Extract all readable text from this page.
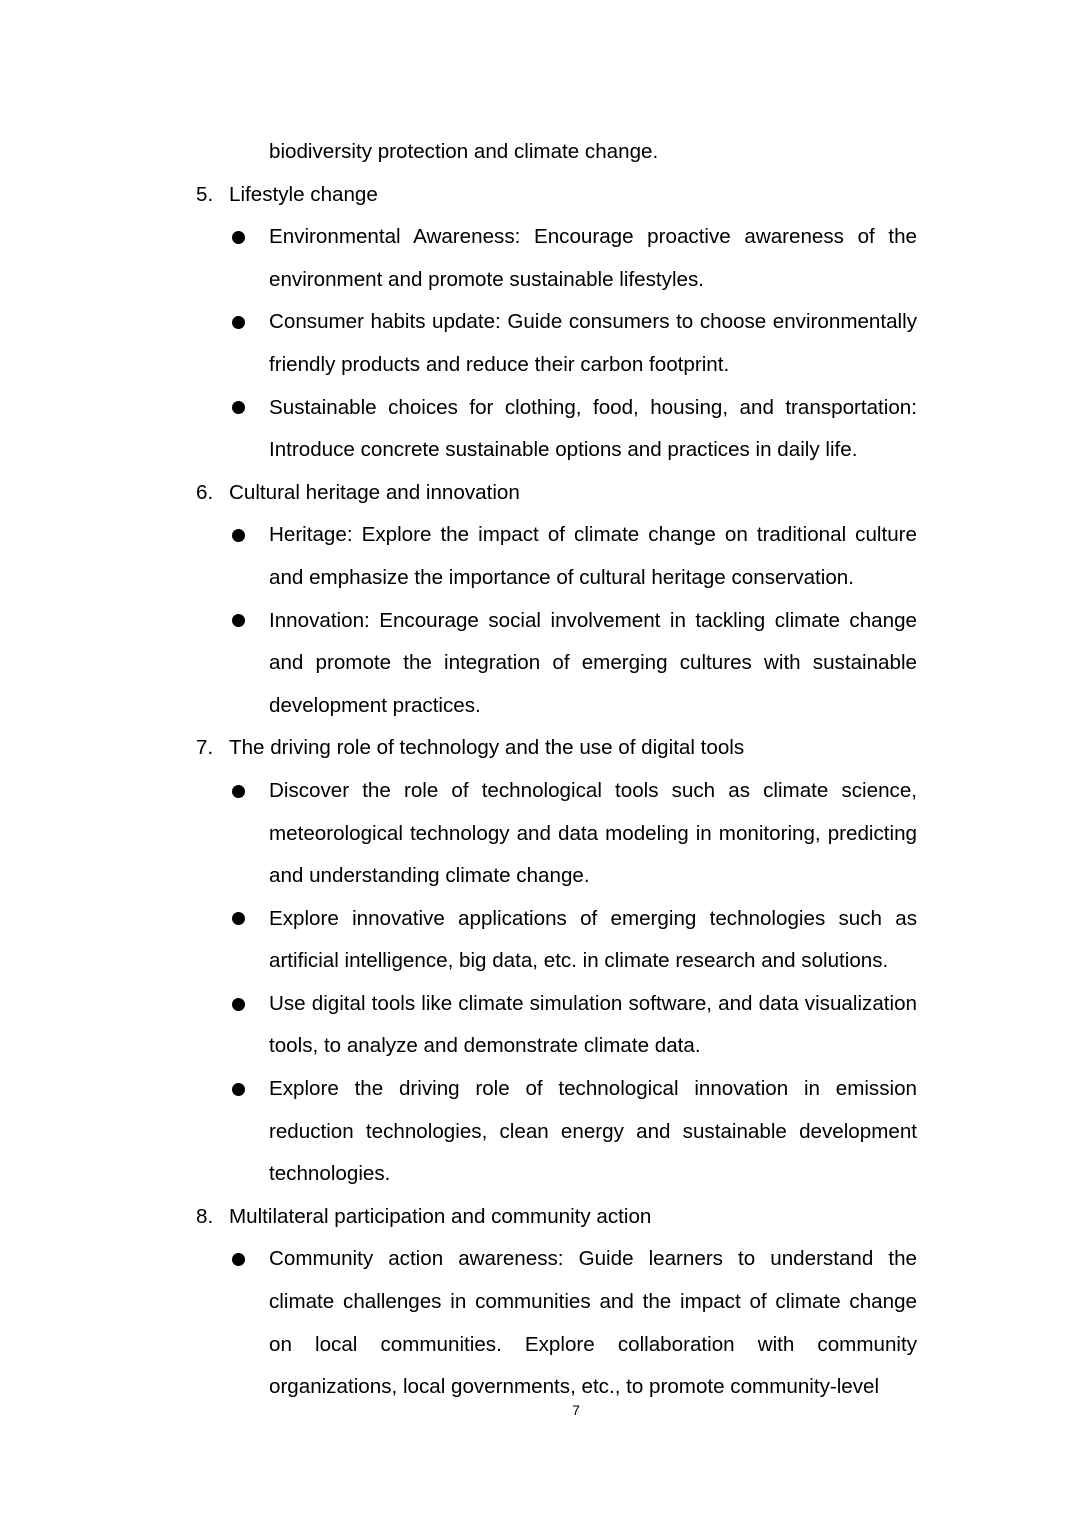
biodiversity protection and climate change.
5. Lifestyle change
Environmental Awareness: Encourage proactive awareness of the environment and promote sustainable lifestyles.
Consumer habits update: Guide consumers to choose environmentally friendly products and reduce their carbon footprint.
Sustainable choices for clothing, food, housing, and transportation: Introduce concrete sustainable options and practices in daily life.
6. Cultural heritage and innovation
Heritage: Explore the impact of climate change on traditional culture and emphasize the importance of cultural heritage conservation.
Innovation: Encourage social involvement in tackling climate change and promote the integration of emerging cultures with sustainable development practices.
7. The driving role of technology and the use of digital tools
Discover the role of technological tools such as climate science, meteorological technology and data modeling in monitoring, predicting and understanding climate change.
Explore innovative applications of emerging technologies such as artificial intelligence, big data, etc. in climate research and solutions.
Use digital tools like climate simulation software, and data visualization tools, to analyze and demonstrate climate data.
Explore the driving role of technological innovation in emission reduction technologies, clean energy and sustainable development technologies.
8. Multilateral participation and community action
Community action awareness: Guide learners to understand the climate challenges in communities and the impact of climate change on local communities. Explore collaboration with community organizations, local governments, etc., to promote community-level
7
